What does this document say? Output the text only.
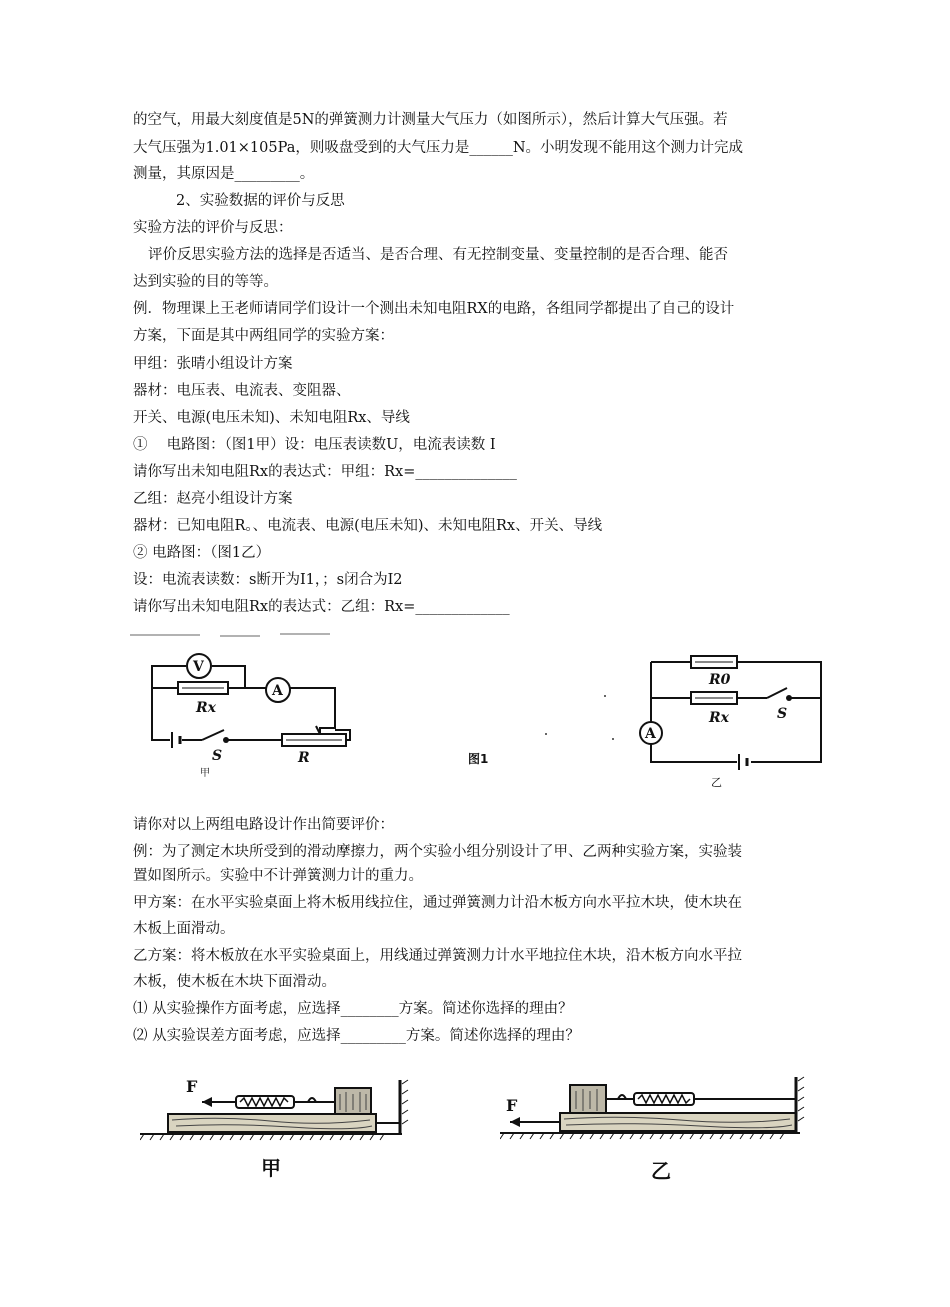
的空气，用最大刻度值是5N的弹簧测力计测量大气压力（如图所示），然后计算大气压强。若
大气压强为1.01×105Pa，则吸盘受到的大气压力是______N。小明发现不能用这个测力计完成
测量，其原因是_________。
2、实验数据的评价与反思
实验方法的评价与反思：
评价反思实验方法的选择是否适当、是否合理、有无控制变量、变量控制的是否合理、能否
达到实验的目的等等。
例．物理课上王老师请同学们设计一个测出未知电阻RX的电路，各组同学都提出了自己的设计
方案，下面是其中两组同学的实验方案：
甲组：张晴小组设计方案
器材：电压表、电流表、变阻器、
开关、电源(电压未知)、未知电阻Rx、导线
①　 电路图：（图1甲）设：电压表读数U，电流表读数 I
请你写出未知电阻Rx的表达式：甲组：Rx=______________
乙组：赵亮小组设计方案
器材：已知电阻R。、电流表、电源(电压未知)、未知电阻Rx、开关、导线
② 电路图：（图1乙）
设：电流表读数：s断开为I1，；s闭合为I2
请你写出未知电阻Rx的表达式：乙组：Rx=_____________
V
A
Rx
S	R
甲
图1
A
R0
Rx	S
乙
请你对以上两组电路设计作出简要评价：
例：为了测定木块所受到的滑动摩擦力，两个实验小组分别设计了甲、乙两种实验方案，实验装
置如图所示。实验中不计弹簧测力计的重力。
甲方案：在水平实验桌面上将木板用线拉住，通过弹簧测力计沿木板方向水平拉木块，使木块在
木板上面滑动。
乙方案：将木板放在水平实验桌面上，用线通过弹簧测力计水平地拉住木块，沿木板方向水平拉
木板，使木板在木块下面滑动。
⑴ 从实验操作方面考虑，应选择________方案。简述你选择的理由？
⑵ 从实验误差方面考虑，应选择_________方案。简述你选择的理由？
F
甲
F
乙
